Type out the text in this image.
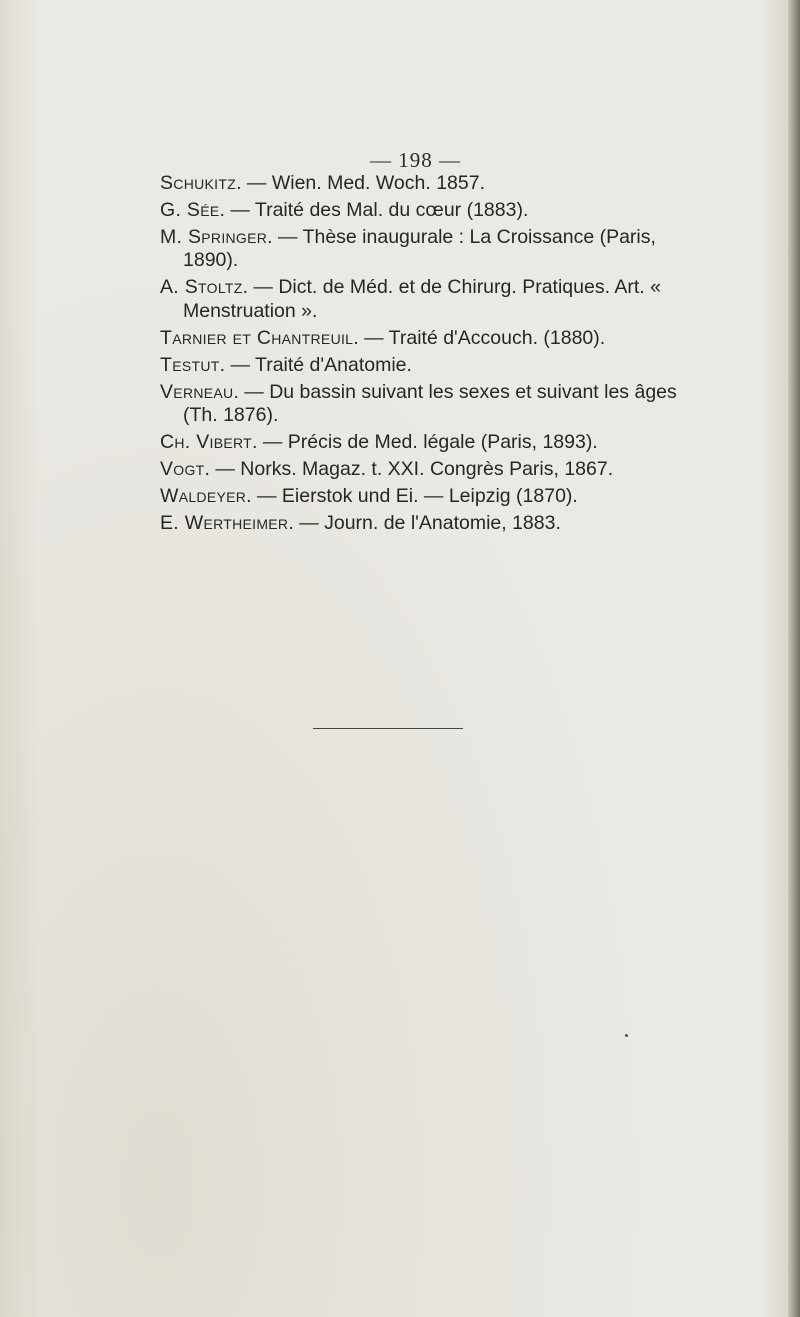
— 198 —

Schukitz. — Wien. Med. Woch. 1857.

G. Sée. — Traité des Mal. du cœur (1883).

M. Springer. — Thèse inaugurale : La Croissance (Paris, 1890).

A. Stoltz. — Dict. de Méd. et de Chirurg. Pratiques. Art. « Menstruation ».

Tarnier et Chantreuil. — Traité d'Accouch. (1880).

Testut. — Traité d'Anatomie.

Verneau. — Du bassin suivant les sexes et suivant les âges (Th. 1876).

Ch. Vibert. — Précis de Med. légale (Paris, 1893).

Vogt. — Norks. Magaz. t. XXI. Congrès Paris, 1867.

Waldeyer. — Eierstok und Ei. — Leipzig (1870).

E. Wertheimer. — Journ. de l'Anatomie, 1883.
